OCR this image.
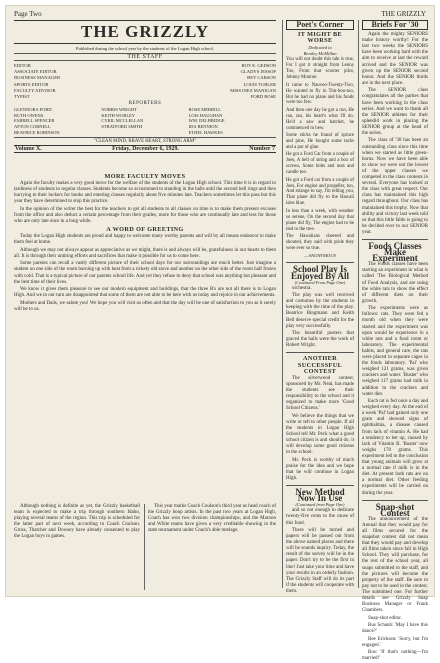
Page Two	THE GRIZZLY
THE GRIZZLY
Published during the school year by the students of the Logan High school.
THE STAFF
EDITOR	ROY E. GEDSON
ASSOCIATE EDITOR	GLADYS JESSOP
BUSINESS MANAGER	REY CARSON
SPORTS EDITOR	LOUIS TUBLER
FACULTY ADVISOR	MISS INEZ MANIGAN
TYPIST	FORD ROSE
REPORTERS
GLENNORA FORD	NORRIS WRIGHT	ROSE MERRILL
RUTH OWENS	KEITH WORLEY	LOIS HAUGHAN
FARRELL SPENCER	CYRIL MCCLELLAN	WM. DELBRIDGE
AFTON CORNELL	STRATFORD SMITH	IDA BENNION
BEATRICE ROBINSON	ETHEL HAWKES
"CLEAN MIND, BRAVE HEART, STRONG ARM"
Volume X.	Friday, December 6, 1929.	Number 7
MORE FACULTY MOVES

Again the faculty makes a very good move for the welfare of the students of the Logan High school. This time it is in regard to tardiness of students to regular classes. Students become so accustomed to standing in the halls until the second bell rings and then hurrying to their lockers for books and entering classes regularly about five minutes late. Teachers sometimes let this pass but this year they have determined to stop this practice.

In the opinion of the writer the best for the teachers to get all students to all classes on time is to make them present excuses from the office and also deduct a certain percentage from their grades, more for those who are continually late and less for those who are only late once in a long while.

A WORD OF GREETING

Today the Logan High students are proud and happy to welcome many worthy parents and will by all means endeavor to make them feel at home.

Although we may not always appear as appreciative as we might, there is and always will be, gratefulness in our hearts to them all. It is through their untiring efforts and sacrifices that make it possible for us to come here.

Some parents can recall a vastly different picture of their school days for our surroundings are much better. Just imagine a student on one side of the room burning up with heat from a rickety old stove and another on the other side of the room half frozen with cold. That is a typical picture of our parents school life. And yet they refuse to deny that school was anything but pleasant and the best time of their lives.

We know it gives them pleasure to see our modern equipment and buildings, that the three R's are not all there is to Logan High. And we in our turn are disappointed that some of them are not able to be here with us today and rejoice in our achievements.

Mothers and Dads, we salute you! We hope you will visit us often and that the day will be one of satisfaction to you as it surely will be to us.

Although nothing is definite as yet, the Grizzly basketball team is expected to make a trip through southern Idaho, playing several teams of the region. This trip is scheduled for the latter part of next week, according to Coach Coulson. Gross, Thatcher and Dowsey have already consented to play the Logan boys in games.

This year marks Coach Coulson's third year as head coach of the Grizzly hoop artists. In the past two years at Logan High, Coach has won two division championships, and the Maroon and White teams have given a very creditable showing in the state tournament under Coach's able tutelage.

Poet's Corner
IT MIGHT BE WORSE
Dedicated to
Bentley McMillan

You will not doubt this tale is true, For I got it straight from Lenny Too, From that scooter pilot, Johnny Monroe.

It came to Nauvoo-Twenty-Two, He wanted to fly in Tim-boo-too, But he had no plane and his funds were too few.

And then one day he got a run, He ran, ran, his heart's what I'll do. He'd a saw and hatchet, he commenced to hew.

Some sticks he found of spruce and pine, He bought some tacks and a pot of glue.

He got a Ford Car from a couple of Joes, A bell of string and a box of screws, Some bolts and nuts and candle too.

He got a Ford car from a couple of Joes, For engine and propeller, too, And strange to say, I'm telling you, That plane did fly to the Hawaii isles blue.

In less than a week, with weather so serene, On the second day that plane did fly, The engine had to be tied to the tree.

The Hawaiians cheered and shouted, they said with pride they were ever so true.

—ANONYMOUS
School Play Is Enjoyed By All
(Continued From Page One)

orchestra.

The play was well received and costumes by the students in keeping with the time of the play. Beatrice Bingmann and Keith Bell deserve special credit for the play very successfully.

The beautiful posters that graced the halls were the work of Robert Wright.

ANOTHER SUCCESSFUL CONTEST

The silverwood contest, sponsored by Mr. Neal, has made the students see their responsibility to the school and it organized to make more 'Good School Citizens.'

We believe the things that we write or tell to other people. If all the students in Logan High School tell Mr. Peck what a good school citizen is and should do, it will develop some good citizens in the school.

Mr. Peck is worthy of much praise for the idea and we hope that he will continue in Logan High.

New Method Now In Use
(Continued from Page One)

and so not enough to dedicate twenty-five cents to the cause of this fund.

There will be turned and papers will be passed out from the above named places and there will be sounds inquiry. Today, the result of the survey will be in the paper. Don't try to be the first in line! Just take your time and have your results in an orderly fashion. The Grizzly Staff will do its part if the students will cooperate with them.

Briefs For '30

Again the mighty SENIORS make history worthy! For the last two weeks the SENIORS have been working hard with the aim to receive at last the reward arrived and the SENIOR was given up the SENIOR second honor. And the SENIOR thirds are in the next place.

The SENIOR class congratulates all the parties that have been working in the class series. And we want to thank all the SENIOR athletes for their splendid work in placing the SENIOR group at the head of the series.

The class of '30 has been an outstanding class since this time when we started as little green-horns. Now we have been able to show we were not the lowest of the upper classes we competed in the class contests in several. Everyone has looked at the class with great respect. Our class has maintained this high regard throughout. Our class has maintained this trophy. Now that ability and victory last week told us that this little fable is going to be decided over to our SENIOR year.

Foods Classes Make Experiment

The Foods classes have been starting an experiment in what is called 'The Biological Method of Food Analysis, and are using the white rats to show the effect of different diets on their growth.

The experiments were as follows: rats. They were fed a month old when they were started and the experiment was upon would be experience in a white rats and a food room or laboratory. The experimental habits, and general care, the rats were placed in separate cages in the foods laboratory. 'Pal' who weighed 121 grams, was given crackers and water. 'Buster' who weighed 117 grams had milk in addition to the crackers and water diet.

Each rat is fed once a day and weighed every day. At the end of a week 'Pal' had gained only one gram and showed signs of ophthalmia, a disease caused from lack of vitamin A. He had a tendency to bet up, caused by lack of Vitamin B. 'Buster' now weighs 170 grams. This experiment led to the conclusion that young animals will grow at a normal rate if milk is in the diet. At present both rats are on a normal diet. Other feeding experiments will be carried on during the year.

Snap-shot Contest

The announcement of the Annual that they would pay for all films secured for the snapshot contest did not mean that they would pay and develop all films taken since fall in High School. They will purchase, for the rest of the school year, all snaps submitted to the staff, and the pictures will become the property of the staff. Be sure to pay not to be used in the contest. The submitted one. For further details see Grizzly Snap Business Manager or Frank Chambers.

Snap-shot editor.

Bus Schaub: 'May I have this dance?'

Bee Ericksen: 'Sorry, but I'm engaged.'

Bus: 'If that's nothing—I'm married!'
